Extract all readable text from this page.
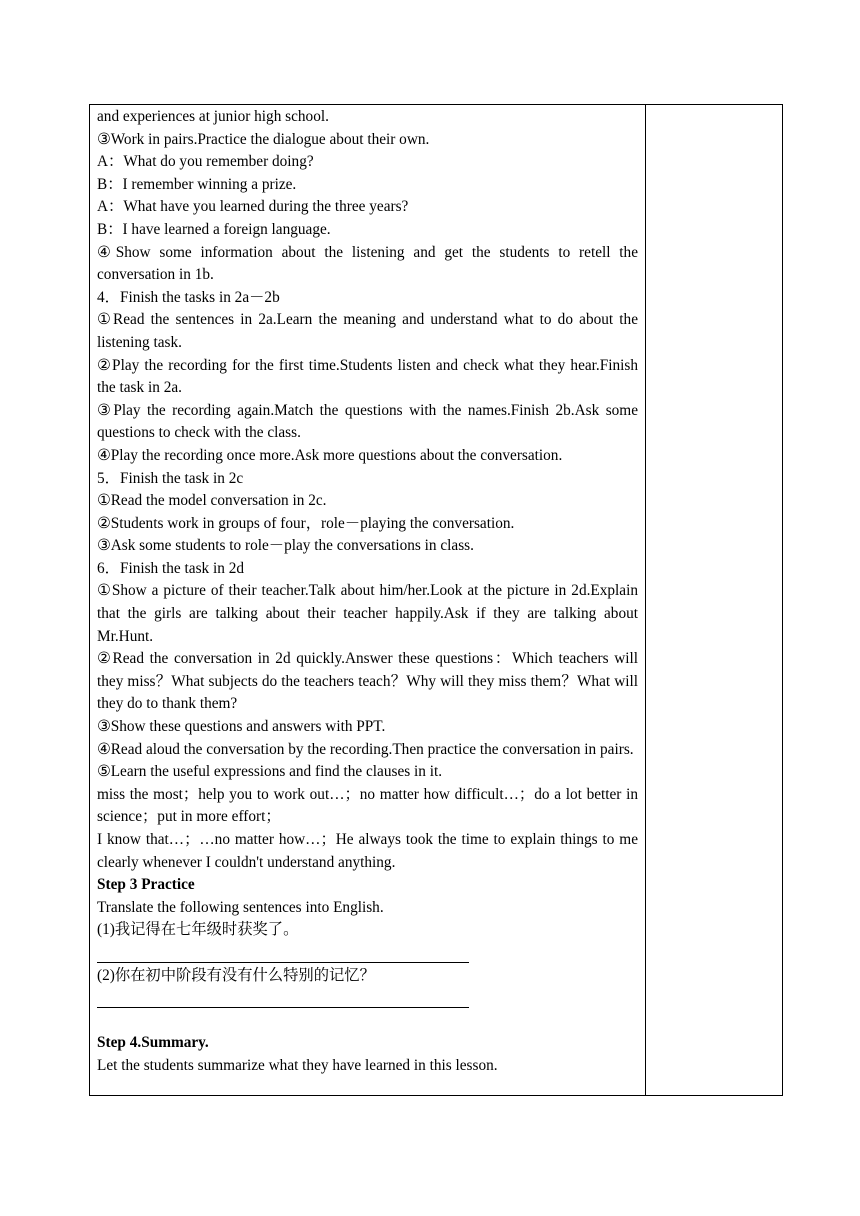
and experiences at junior high school.

③Work in pairs.Practice the dialogue about their own.

A：What do you remember doing?

B：I remember winning a prize.

A：What have you learned during the three years?

B：I have learned a foreign language.

④Show some information about the listening and get the students to retell the conversation in 1b.

4．Finish the tasks in 2a－2b

①Read the sentences in 2a.Learn the meaning and understand what to do about the listening task.

②Play the recording for the first time.Students listen and check what they hear.Finish the task in 2a.

③Play the recording again.Match the questions with the names.Finish 2b.Ask some questions to check with the class.

④Play the recording once more.Ask more questions about the conversation.

5．Finish the task in 2c

①Read the model conversation in 2c.

②Students work in groups of four，role－playing the conversation.

③Ask some students to role－play the conversations in class.

6．Finish the task in 2d

①Show a picture of their teacher.Talk about him/her.Look at the picture in 2d.Explain that the girls are talking about their teacher happily.Ask if they are talking about Mr.Hunt.

②Read the conversation in 2d quickly.Answer these questions：Which teachers will they miss？What subjects do the teachers teach？Why will they miss them？What will they do to thank them?

③Show these questions and answers with PPT.

④Read aloud the conversation by the recording.Then practice the conversation in pairs.

⑤Learn the useful expressions and find the clauses in it.

miss the most；help you to work out…；no matter how difficult…；do a lot better in science；put in more effort；

I know that…；…no matter how…；He always took the time to explain things to me clearly whenever I couldn't understand anything.

Step 3 Practice

Translate the following sentences into English.

(1)我记得在七年级时获奖了。

(2)你在初中阶段有没有什么特别的记忆？

Step 4.Summary.

Let the students summarize what they have learned in this lesson.
